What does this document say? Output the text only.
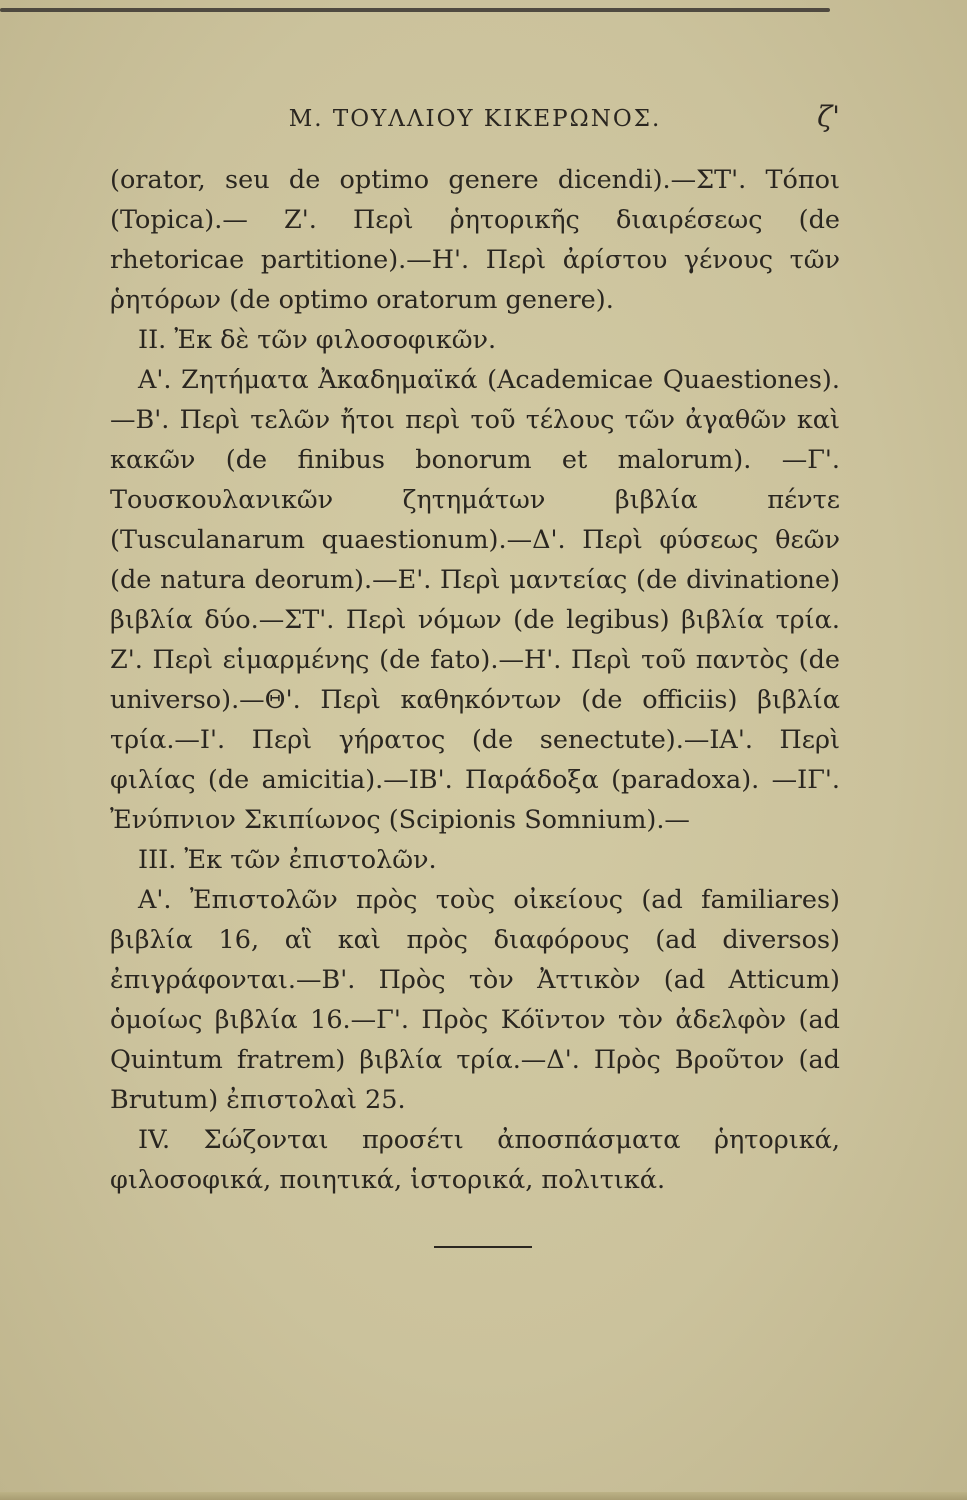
Μ. ΤΟΥΛΛΙΟΥ ΚΙΚΕΡΩΝΟΣ.	ζ'

(orator, seu de optimo genere dicendi).—ΣΤ'. Τόποι (Topica).— Ζ'. Περὶ ῥητορικῆς διαιρέσεως (de rhetoricae partitione).—Η'. Περὶ ἀρίστου γένους τῶν ῥητόρων (de optimo oratorum genere).

II. Ἐκ δὲ τῶν φιλοσοφικῶν.

Α'. Ζητήματα Ἀκαδημαϊκά (Academicae Quaestiones).—Β'. Περὶ τελῶν ἤτοι περὶ τοῦ τέλους τῶν ἀγαθῶν καὶ κακῶν (de finibus bonorum et malorum). —Γ'. Τουσκουλανικῶν ζητημάτων βιβλία πέντε (Tusculanarum quaestionum).—Δ'. Περὶ φύσεως θεῶν (de natura deorum).—Ε'. Περὶ μαντείας (de divinatione) βιβλία δύο.—ΣΤ'. Περὶ νόμων (de legibus) βιβλία τρία. Ζ'. Περὶ εἱμαρμένης (de fato).—Η'. Περὶ τοῦ παντὸς (de universo).—Θ'. Περὶ καθηκόντων (de officiis) βιβλία τρία.—Ι'. Περὶ γήρατος (de senectute).—ΙΑ'. Περὶ φιλίας (de amicitia).—ΙΒ'. Παράδοξα (paradoxa). —ΙΓ'. Ἐνύπνιον Σκιπίωνος (Scipionis Somnium).—

III. Ἐκ τῶν ἐπιστολῶν.

Α'. Ἐπιστολῶν πρὸς τοὺς οἰκείους (ad familiares) βιβλία 16, αἳ καὶ πρὸς διαφόρους (ad diversos) ἐπιγράφονται.—Β'. Πρὸς τὸν Ἀττικὸν (ad Atticum) ὁμοίως βιβλία 16.—Γ'. Πρὸς Κόϊντον τὸν ἀδελφὸν (ad Quintum fratrem) βιβλία τρία.—Δ'. Πρὸς Βροῦτον (ad Brutum) ἐπιστολαὶ 25.

IV. Σώζονται προσέτι ἀποσπάσματα ῥητορικά, φιλοσοφικά, ποιητικά, ἱστορικά, πολιτικά.
